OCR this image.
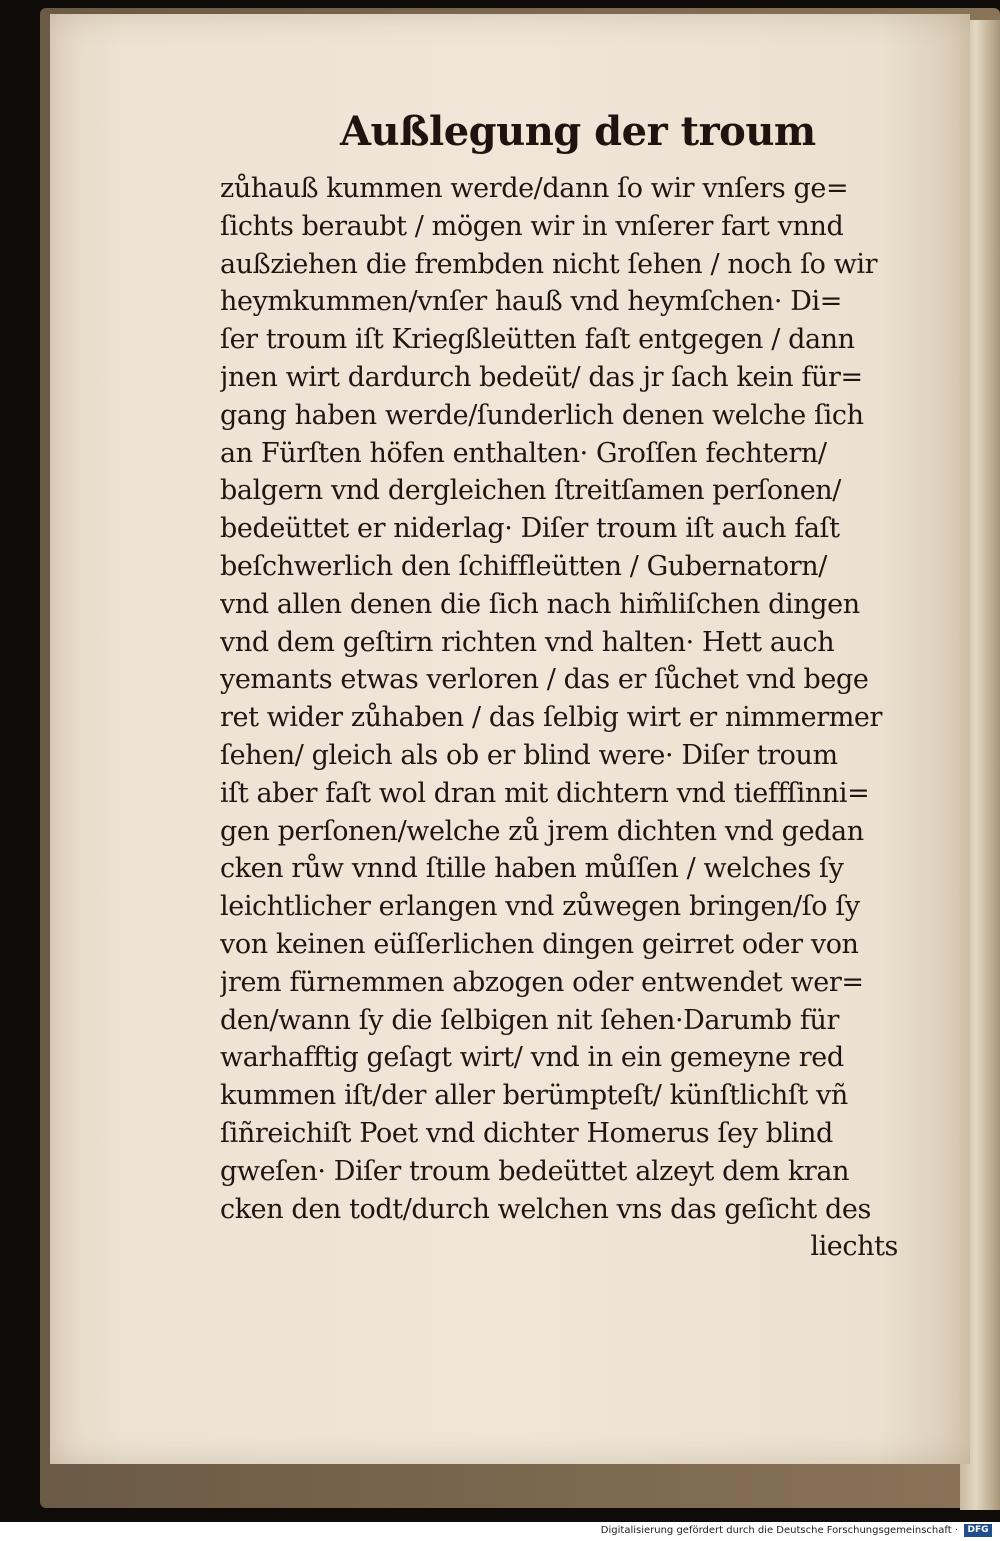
Außlegung der troum
zůhauß kummen werde/dann ſo wir vnſers ge=
ſichts beraubt / mögen wir in vnſerer fart vnnd
außziehen die frembden nicht ſehen / noch ſo wir
heymkummen/vnſer hauß vnd heymſchen· Di=
ſer troum iſt Kriegßleütten faſt entgegen / dann
jnen wirt dardurch bedeüt/ das jr ſach kein für=
gang haben werde/ſunderlich denen welche ſich
an Fürſten höfen enthalten· Groſſen fechtern/
balgern vnd dergleichen ſtreitſamen perſonen/
bedeüttet er niderlag· Diſer troum iſt auch faſt
beſchwerlich den ſchiffleütten / Gubernatorn/
vnd allen denen die ſich nach him̃liſchen dingen
vnd dem geſtirn richten vnd halten· Hett auch
yemants etwas verloren / das er ſůchet vnd bege
ret wider zůhaben / das ſelbig wirt er nimmermer
ſehen/ gleich als ob er blind were· Diſer troum
iſt aber faſt wol dran mit dichtern vnd tieffſinni=
gen perſonen/welche zů jrem dichten vnd gedan
cken růw vnnd ſtille haben můſſen / welches ſy
leichtlicher erlangen vnd zůwegen bringen/ſo ſy
von keinen eüſſerlichen dingen geirret oder von
jrem fürnemmen abzogen oder entwendet wer=
den/wann ſy die ſelbigen nit ſehen·Darumb für
warhafftig geſagt wirt/ vnd in ein gemeyne red
kummen iſt/der aller berümpteſt/ künſtlichſt vñ
ſiñreichiſt Poet vnd dichter Homerus ſey blind
gweſen· Diſer troum bedeüttet alzeyt dem kran
cken den todt/durch welchen vns das geſicht des
liechts
Digitalisierung gefördert durch die Deutsche Forschungsgemeinschaft ·	DFG
